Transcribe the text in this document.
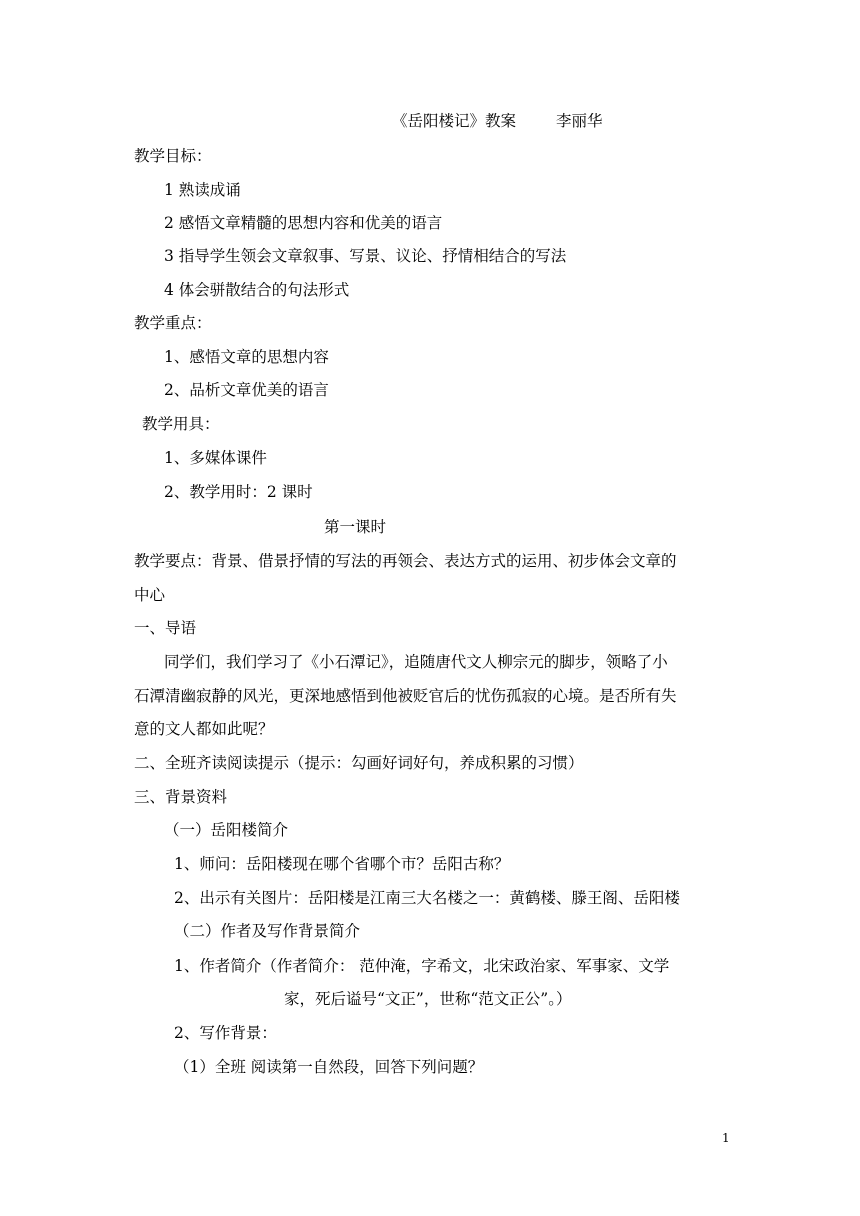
《岳阳楼记》教案	李丽华
教学目标：
1 熟读成诵
2 感悟文章精髓的思想内容和优美的语言
3 指导学生领会文章叙事、写景、议论、抒情相结合的写法
4 体会骈散结合的句法形式
教学重点：
1、感悟文章的思想内容
2、品析文章优美的语言
教学用具：
1、多媒体课件
2、教学用时：2 课时
第一课时
教学要点：背景、借景抒情的写法的再领会、表达方式的运用、初步体会文章的
中心
一、导语
同学们，我们学习了《小石潭记》，追随唐代文人柳宗元的脚步，领略了小
石潭清幽寂静的风光，更深地感悟到他被贬官后的忧伤孤寂的心境。是否所有失
意的文人都如此呢？
二、全班齐读阅读提示（提示：勾画好词好句，养成积累的习惯）
三、背景资料
（一）岳阳楼简介
1、师问：岳阳楼现在哪个省哪个市？岳阳古称？
2、出示有关图片：岳阳楼是江南三大名楼之一：黄鹤楼、滕王阁、岳阳楼
（二）作者及写作背景简介
1、作者简介（作者简介： 范仲淹，字希文，北宋政治家、军事家、文学
家，死后谥号“文正”，世称“范文正公”。）
2、写作背景：
（1）全班 阅读第一自然段，回答下列问题？
1
